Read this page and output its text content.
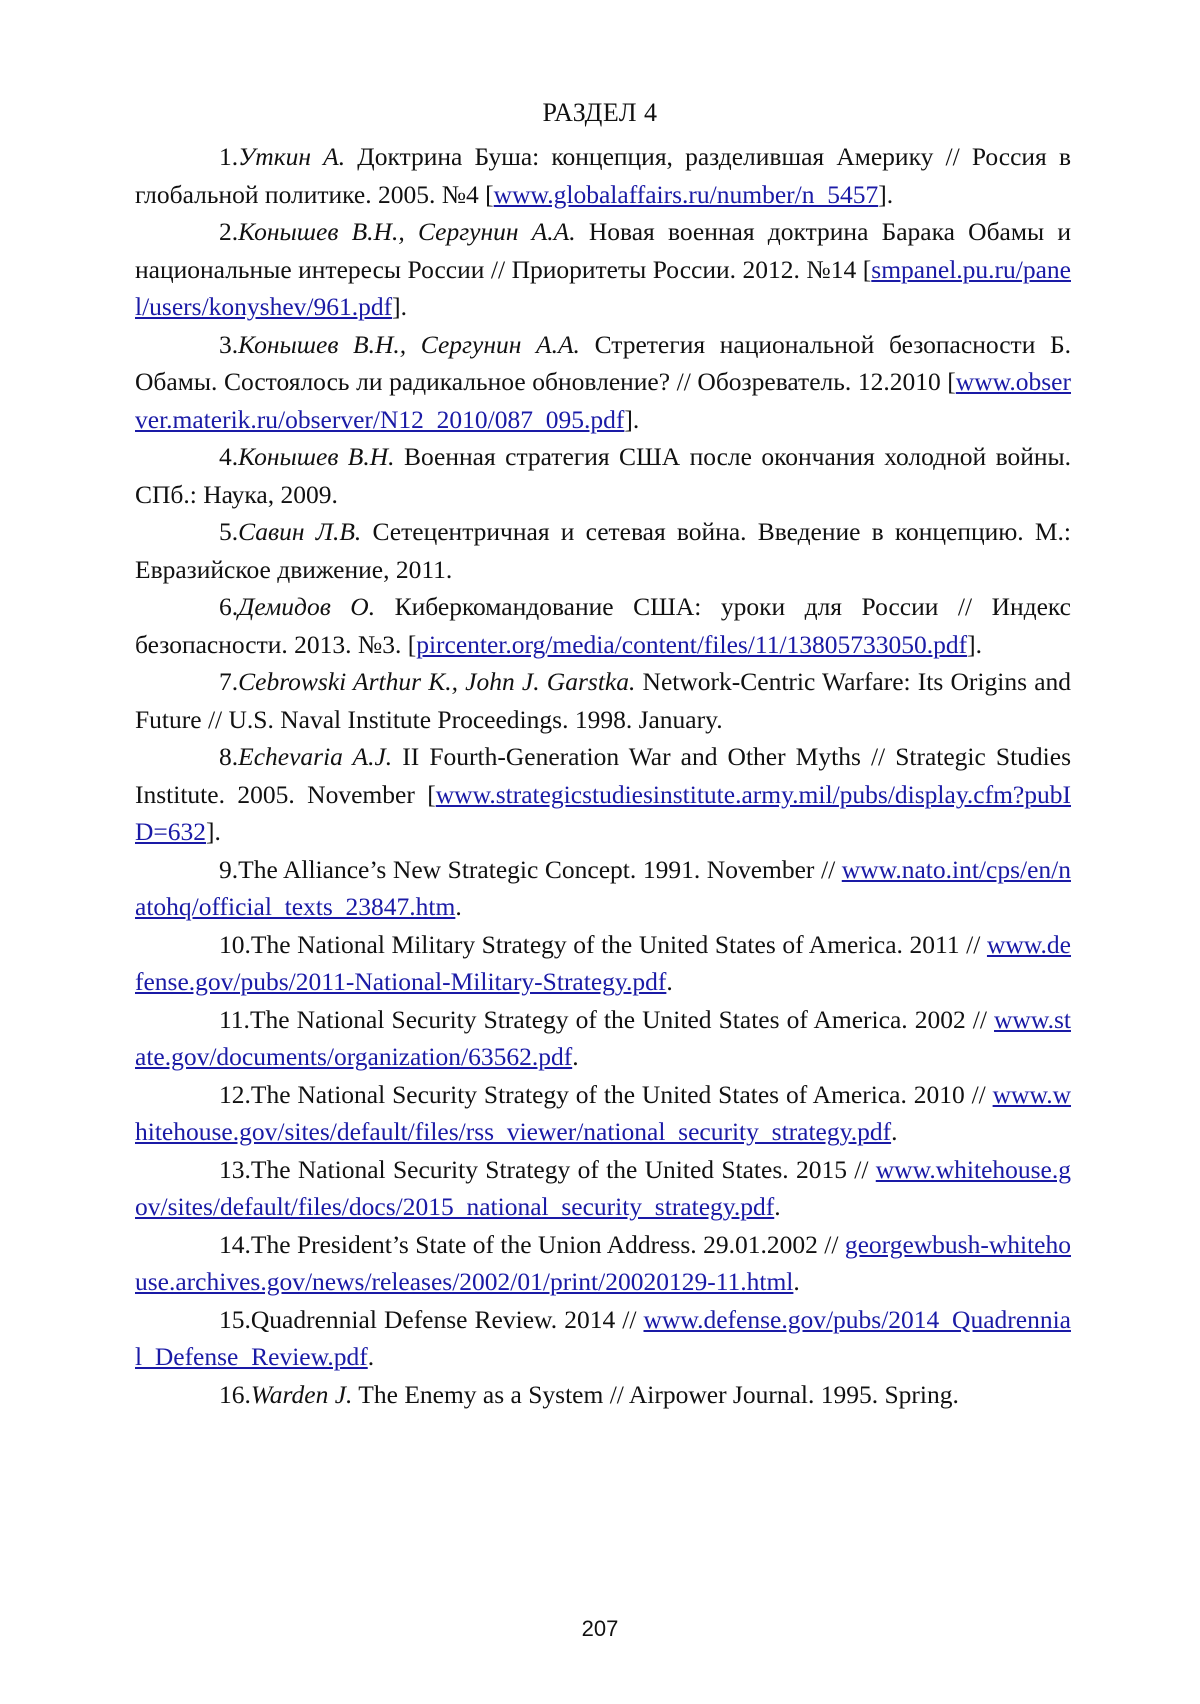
РАЗДЕЛ 4

1.Уткин А. Доктрина Буша: концепция, разделившая Америку // Россия в глобальной политике. 2005. №4 [www.globalaffairs.ru/number/n_5457].

2.Конышев В.Н., Сергунин А.А. Новая военная доктрина Барака Обамы и национальные интересы России // Приоритеты России. 2012. №14 [smpanel.pu.ru/panel/users/konyshev/961.pdf].

3.Конышев В.Н., Сергунин А.А. Стретегия национальной безопасности Б. Обамы. Состоялось ли радикальное обновление? // Обозреватель. 12.2010 [www.observer.materik.ru/observer/N12_2010/087_095.pdf].

4.Конышев В.Н. Военная стратегия США после окончания холодной войны. СПб.: Наука, 2009.

5.Савин Л.В. Сетецентричная и сетевая война. Введение в концепцию. М.: Евразийское движение, 2011.

6.Демидов О. Киберкомандование США: уроки для России // Индекс безопасности. 2013. №3. [pircenter.org/media/content/files/11/13805733050.pdf].

7.Cebrowski Arthur K., John J. Garstka. Network-Centric Warfare: Its Origins and Future // U.S. Naval Institute Proceedings. 1998. January.

8.Echevaria A.J. II Fourth-Generation War and Other Myths // Strategic Studies Institute. 2005. November [www.strategicstudiesinstitute.army.mil/pubs/display.cfm?pubID=632].

9.The Alliance’s New Strategic Concept. 1991. November // www.nato.int/cps/en/natohq/official_texts_23847.htm.

10.The National Military Strategy of the United States of America. 2011 // www.defense.gov/pubs/2011-National-Military-Strategy.pdf.

11.The National Security Strategy of the United States of America. 2002 // www.state.gov/documents/organization/63562.pdf.

12.The National Security Strategy of the United States of America. 2010 // www.whitehouse.gov/sites/default/files/rss_viewer/national_security_strategy.pdf.

13.The National Security Strategy of the United States. 2015 // www.whitehouse.gov/sites/default/files/docs/2015_national_security_strategy.pdf.

14.The President’s State of the Union Address. 29.01.2002 // georgewbush-whitehouse.archives.gov/news/releases/2002/01/print/20020129-11.html.

15.Quadrennial Defense Review. 2014 // www.defense.gov/pubs/2014_Quadrennial_Defense_Review.pdf.

16.Warden J. The Enemy as a System // Airpower Journal. 1995. Spring.

207
